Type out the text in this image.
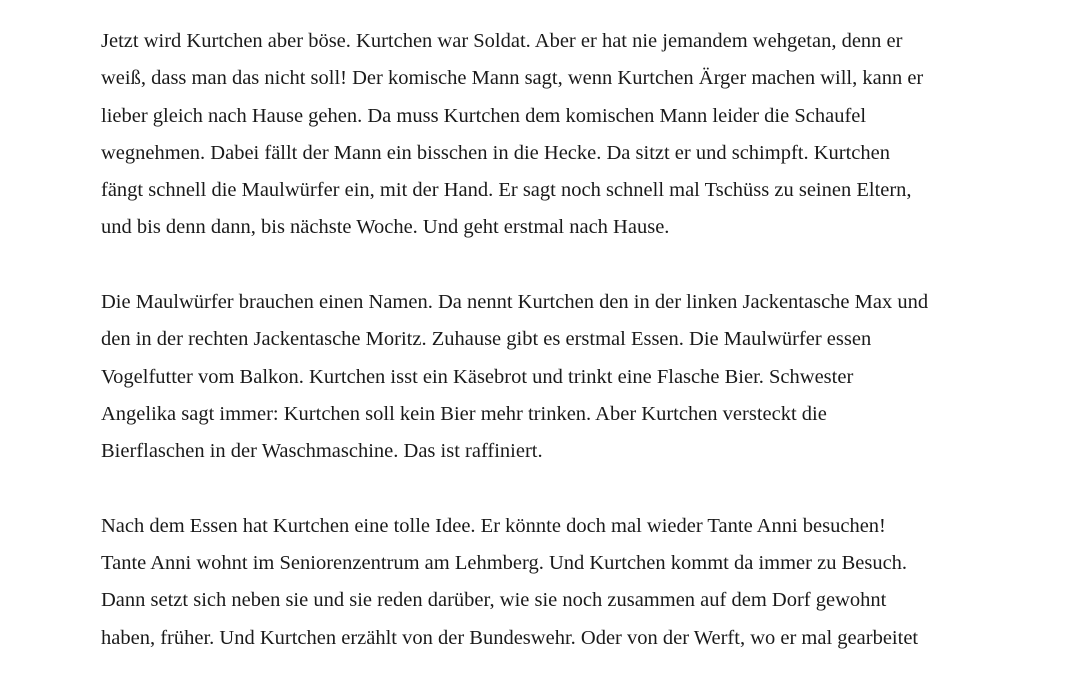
Jetzt wird Kurtchen aber böse. Kurtchen war Soldat. Aber er hat nie jemandem wehgetan, denn er
weiß, dass man das nicht soll! Der komische Mann sagt, wenn Kurtchen Ärger machen will, kann er
lieber gleich nach Hause gehen. Da muss Kurtchen dem komischen Mann leider die Schaufel
wegnehmen. Dabei fällt der Mann ein bisschen in die Hecke. Da sitzt er und schimpft. Kurtchen
fängt schnell die Maulwürfer ein, mit der Hand. Er sagt noch schnell mal Tschüss zu seinen Eltern,
und bis denn dann, bis nächste Woche. Und geht erstmal nach Hause.

Die Maulwürfer brauchen einen Namen. Da nennt Kurtchen den in der linken Jackentasche Max und
den in der rechten Jackentasche Moritz. Zuhause gibt es erstmal Essen. Die Maulwürfer essen
Vogelfutter vom Balkon. Kurtchen isst ein Käsebrot und trinkt eine Flasche Bier. Schwester
Angelika sagt immer: Kurtchen soll kein Bier mehr trinken. Aber Kurtchen versteckt die
Bierflaschen in der Waschmaschine. Das ist raffiniert.

Nach dem Essen hat Kurtchen eine tolle Idee. Er könnte doch mal wieder Tante Anni besuchen!
Tante Anni wohnt im Seniorenzentrum am Lehmberg. Und Kurtchen kommt da immer zu Besuch.
Dann setzt sich neben sie und sie reden darüber, wie sie noch zusammen auf dem Dorf gewohnt
haben, früher. Und Kurtchen erzählt von der Bundeswehr. Oder von der Werft, wo er mal gearbeitet
